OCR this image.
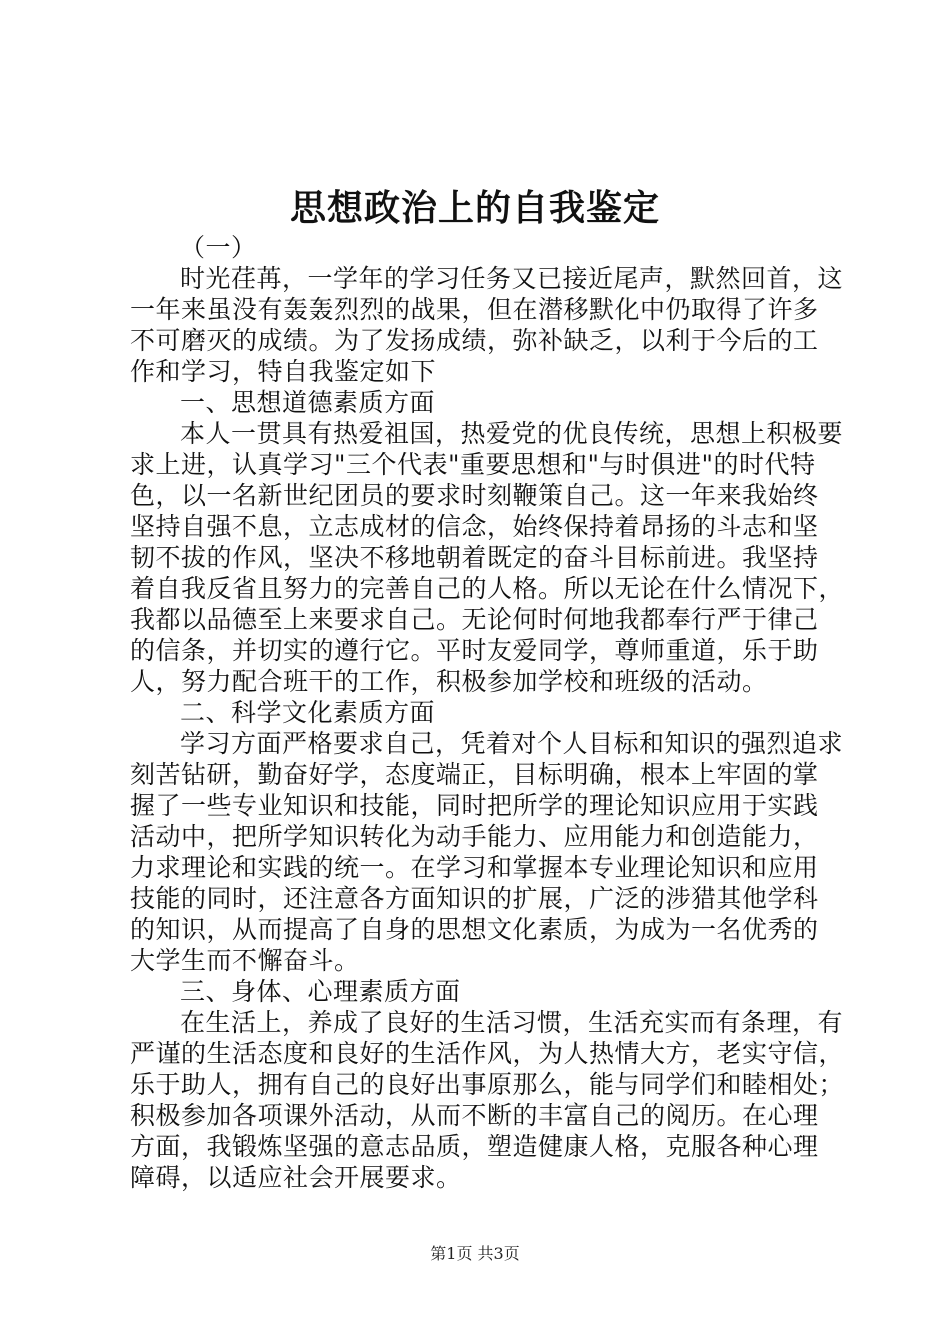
思想政治上的自我鉴定
（一）
时光荏苒，一学年的学习任务又已接近尾声，默然回首，这
一年来虽没有轰轰烈烈的战果，但在潜移默化中仍取得了许多
不可磨灭的成绩。为了发扬成绩，弥补缺乏，以利于今后的工
作和学习，特自我鉴定如下
一、思想道德素质方面
本人一贯具有热爱祖国，热爱党的优良传统，思想上积极要
求上进，认真学习"三个代表"重要思想和"与时俱进"的时代特
色，以一名新世纪团员的要求时刻鞭策自己。这一年来我始终
坚持自强不息，立志成材的信念，始终保持着昂扬的斗志和坚
韧不拔的作风，坚决不移地朝着既定的奋斗目标前进。我坚持
着自我反省且努力的完善自己的人格。所以无论在什么情况下，
我都以品德至上来要求自己。无论何时何地我都奉行严于律己
的信条，并切实的遵行它。平时友爱同学，尊师重道，乐于助
人，努力配合班干的工作，积极参加学校和班级的活动。
二、科学文化素质方面
学习方面严格要求自己，凭着对个人目标和知识的强烈追求
刻苦钻研，勤奋好学，态度端正，目标明确，根本上牢固的掌
握了一些专业知识和技能，同时把所学的理论知识应用于实践
活动中，把所学知识转化为动手能力、应用能力和创造能力，
力求理论和实践的统一。在学习和掌握本专业理论知识和应用
技能的同时，还注意各方面知识的扩展，广泛的涉猎其他学科
的知识，从而提高了自身的思想文化素质，为成为一名优秀的
大学生而不懈奋斗。
三、身体、心理素质方面
在生活上，养成了良好的生活习惯，生活充实而有条理，有
严谨的生活态度和良好的生活作风，为人热情大方，老实守信，
乐于助人，拥有自己的良好出事原那么，能与同学们和睦相处；
积极参加各项课外活动，从而不断的丰富自己的阅历。在心理
方面，我锻炼坚强的意志品质，塑造健康人格，克服各种心理
障碍，以适应社会开展要求。
第1页 共3页
